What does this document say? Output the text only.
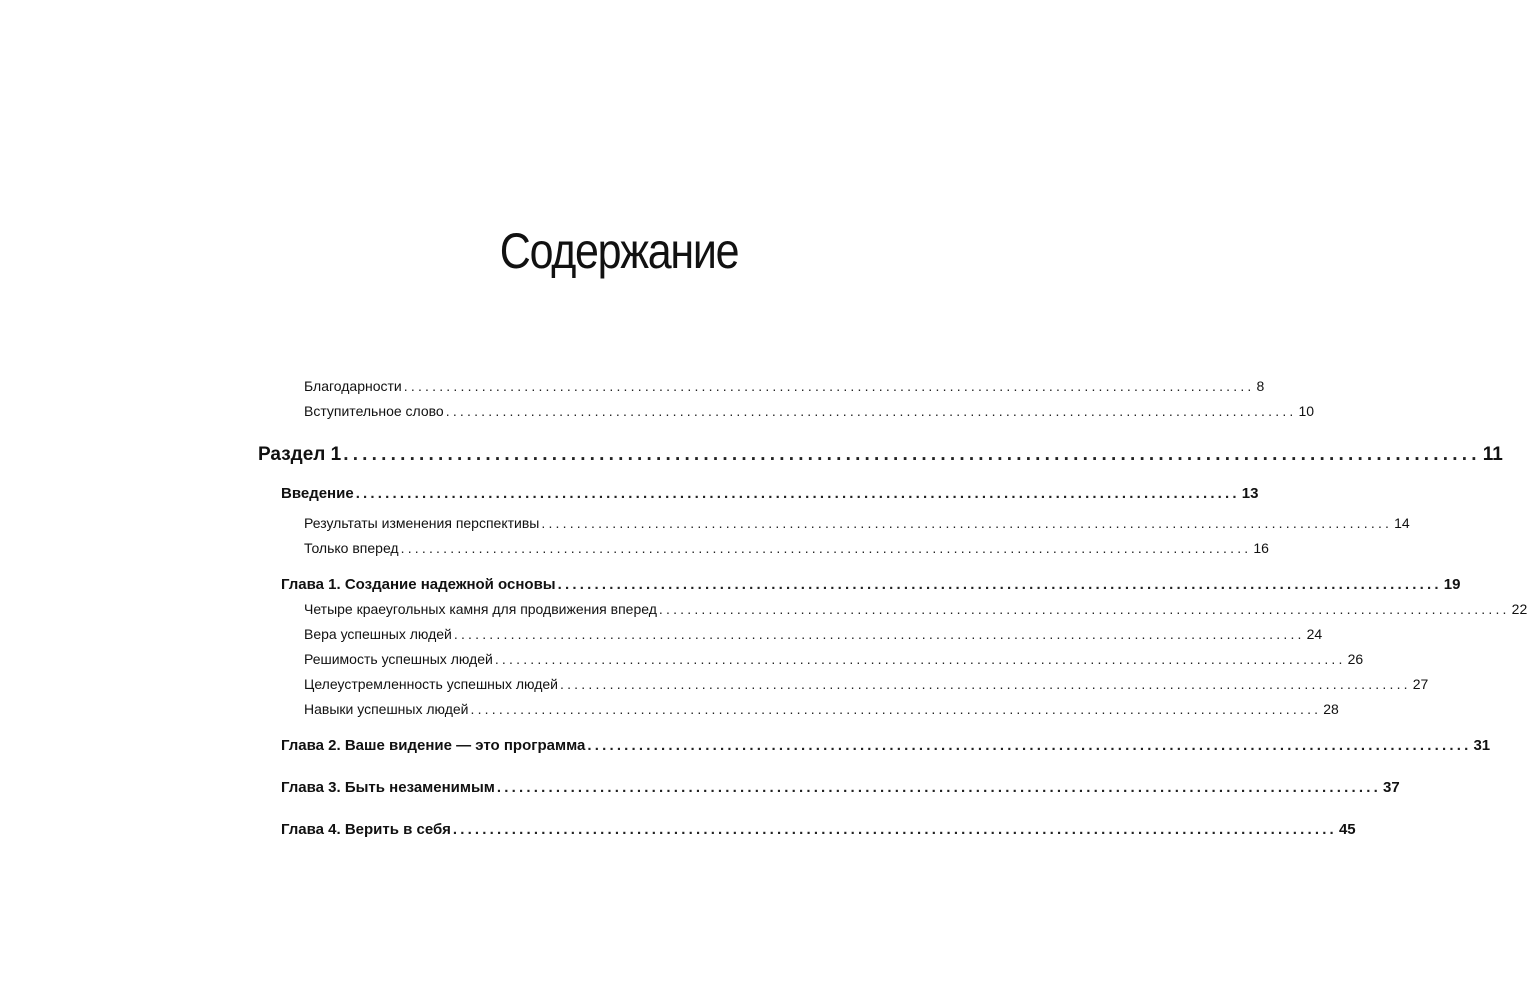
Содержание
Благодарности ........................................................................................................................ 8
Вступительное слово ........................................................................................................................ 10
Раздел 1 ........................................................................................................................ 11
Введение ........................................................................................................................ 13
Результаты изменения перспективы ........................................................................................................................ 14
Только вперед ........................................................................................................................ 16
Глава 1. Создание надежной основы ........................................................................................................................ 19
Четыре краеугольных камня для продвижения вперед ........................................................................................................................ 22
Вера успешных людей ........................................................................................................................ 24
Решимость успешных людей ........................................................................................................................ 26
Целеустремленность успешных людей ........................................................................................................................ 27
Навыки успешных людей ........................................................................................................................ 28
Глава 2. Ваше видение — это программа ........................................................................................................................ 31
Глава 3. Быть незаменимым ........................................................................................................................ 37
Глава 4. Верить в себя ........................................................................................................................ 45
